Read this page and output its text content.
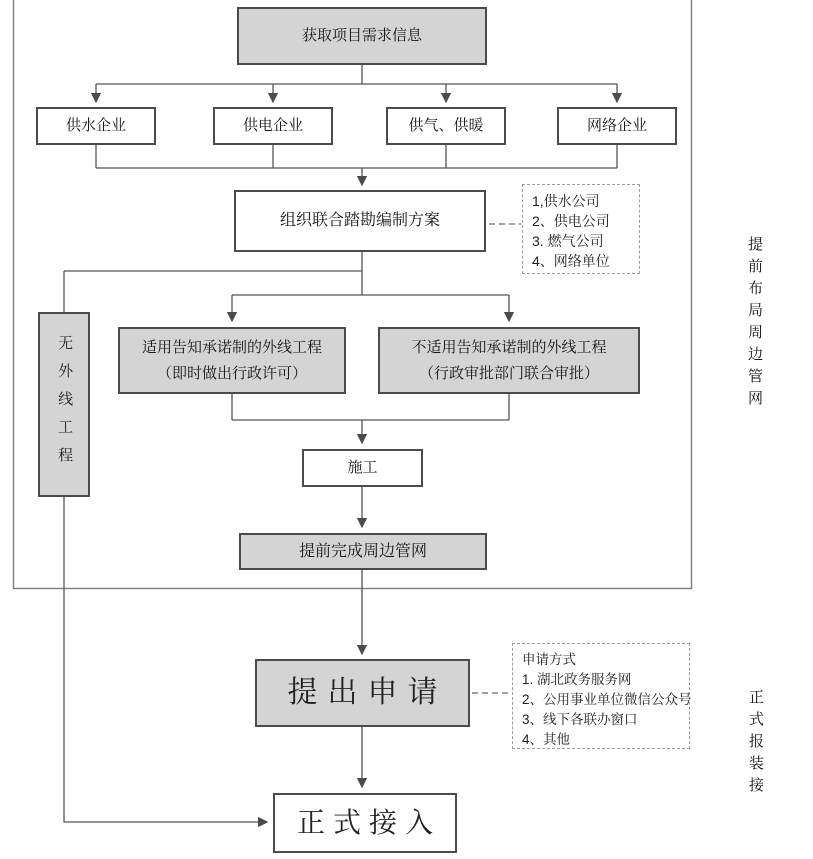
获取项目需求信息
供水企业	供电企业	供气、供暖	网络企业
组织联合踏勘编制方案
1,供水公司
2、供电公司
3. 燃气公司
4、网络单位
无外线工程	适用告知承诺制的外线工程
（即时做出行政许可）
不适用告知承诺制的外线工程
（行政审批部门联合审批）
施工
提前完成周边管网
提出申请
申请方式
1. 湖北政务服务网
2、公用事业单位微信公众号
3、线下各联办窗口
4、其他
正式接入
提前布局周边管网
正式报装接
